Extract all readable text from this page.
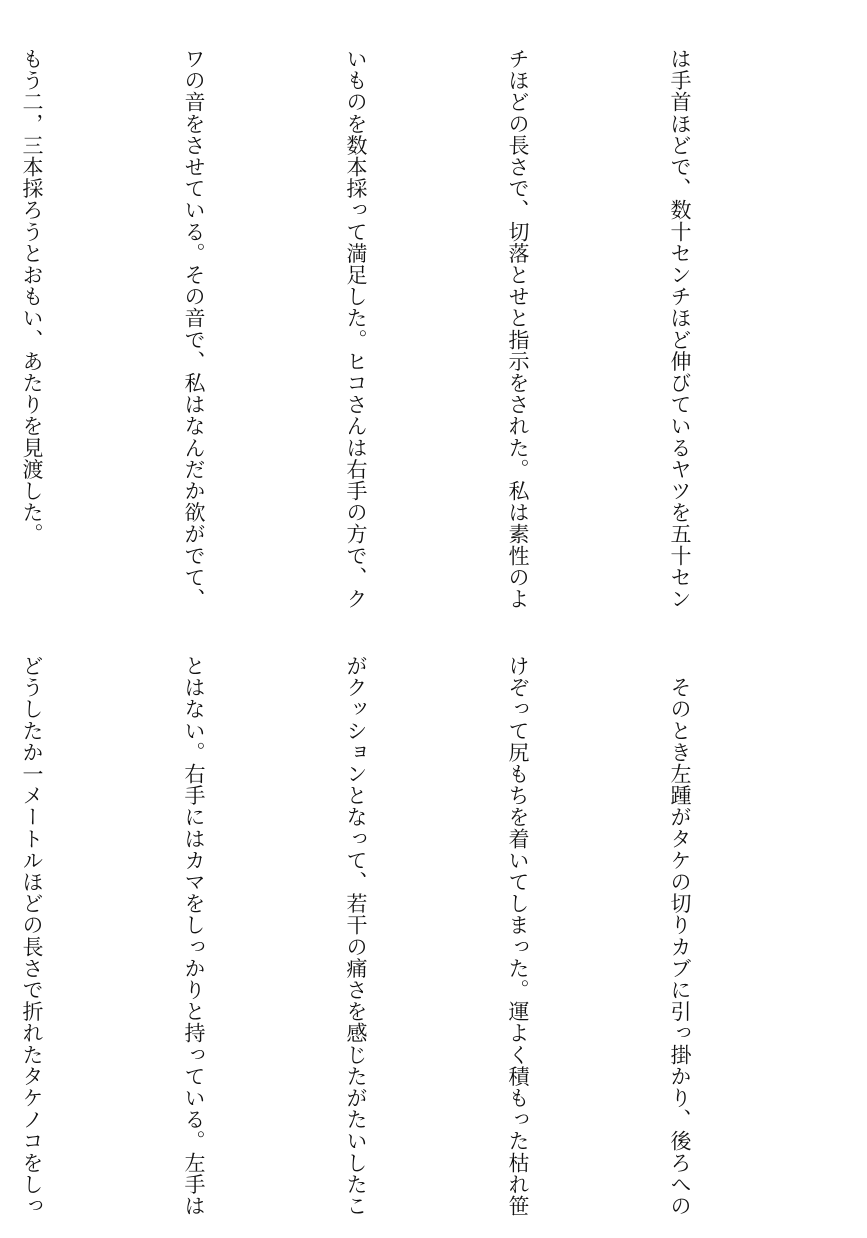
は手首ほどで、数十センチほど伸びているヤツを五十セン

チほどの長さで、切落とせと指示をされた。私は素性のよ

いものを数本採って満足した。ヒコさんは右手の方で、ク

ワの音をさせている。その音で、私はなんだか欲がでて、

もう二，三本採ろうとおもい、あたりを見渡した。

　そのとき左踵がタケの切りカブに引っ掛かり、後ろへの

けぞって尻もちを着いてしまった。運よく積もった枯れ笹

がクッションとなって、若干の痛さを感じたがたいしたこ

とはない。右手にはカマをしっかりと持っている。左手は

どうしたか一メートルほどの長さで折れたタケノコをしっ
